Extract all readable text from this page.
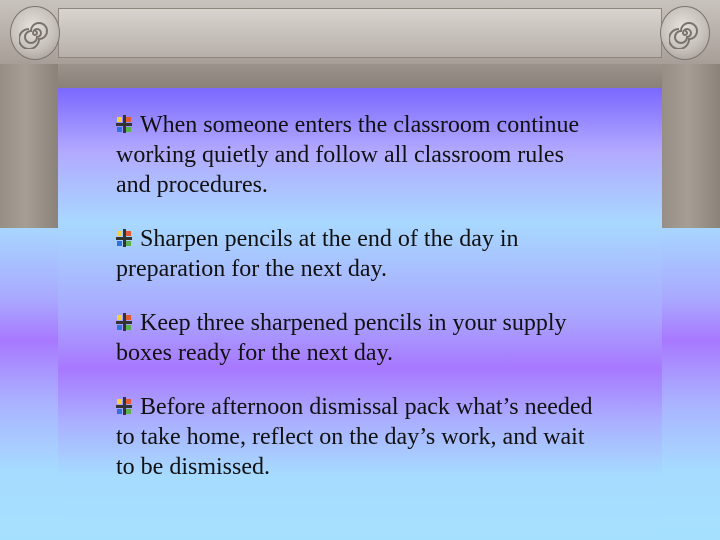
When someone enters the classroom continue working quietly and follow all classroom rules and procedures.
Sharpen pencils at the end of the day in preparation for the next day.
Keep three sharpened pencils in your supply boxes ready for the next day.
Before afternoon dismissal pack what’s needed to take home, reflect on the day’s work, and wait to be dismissed.
